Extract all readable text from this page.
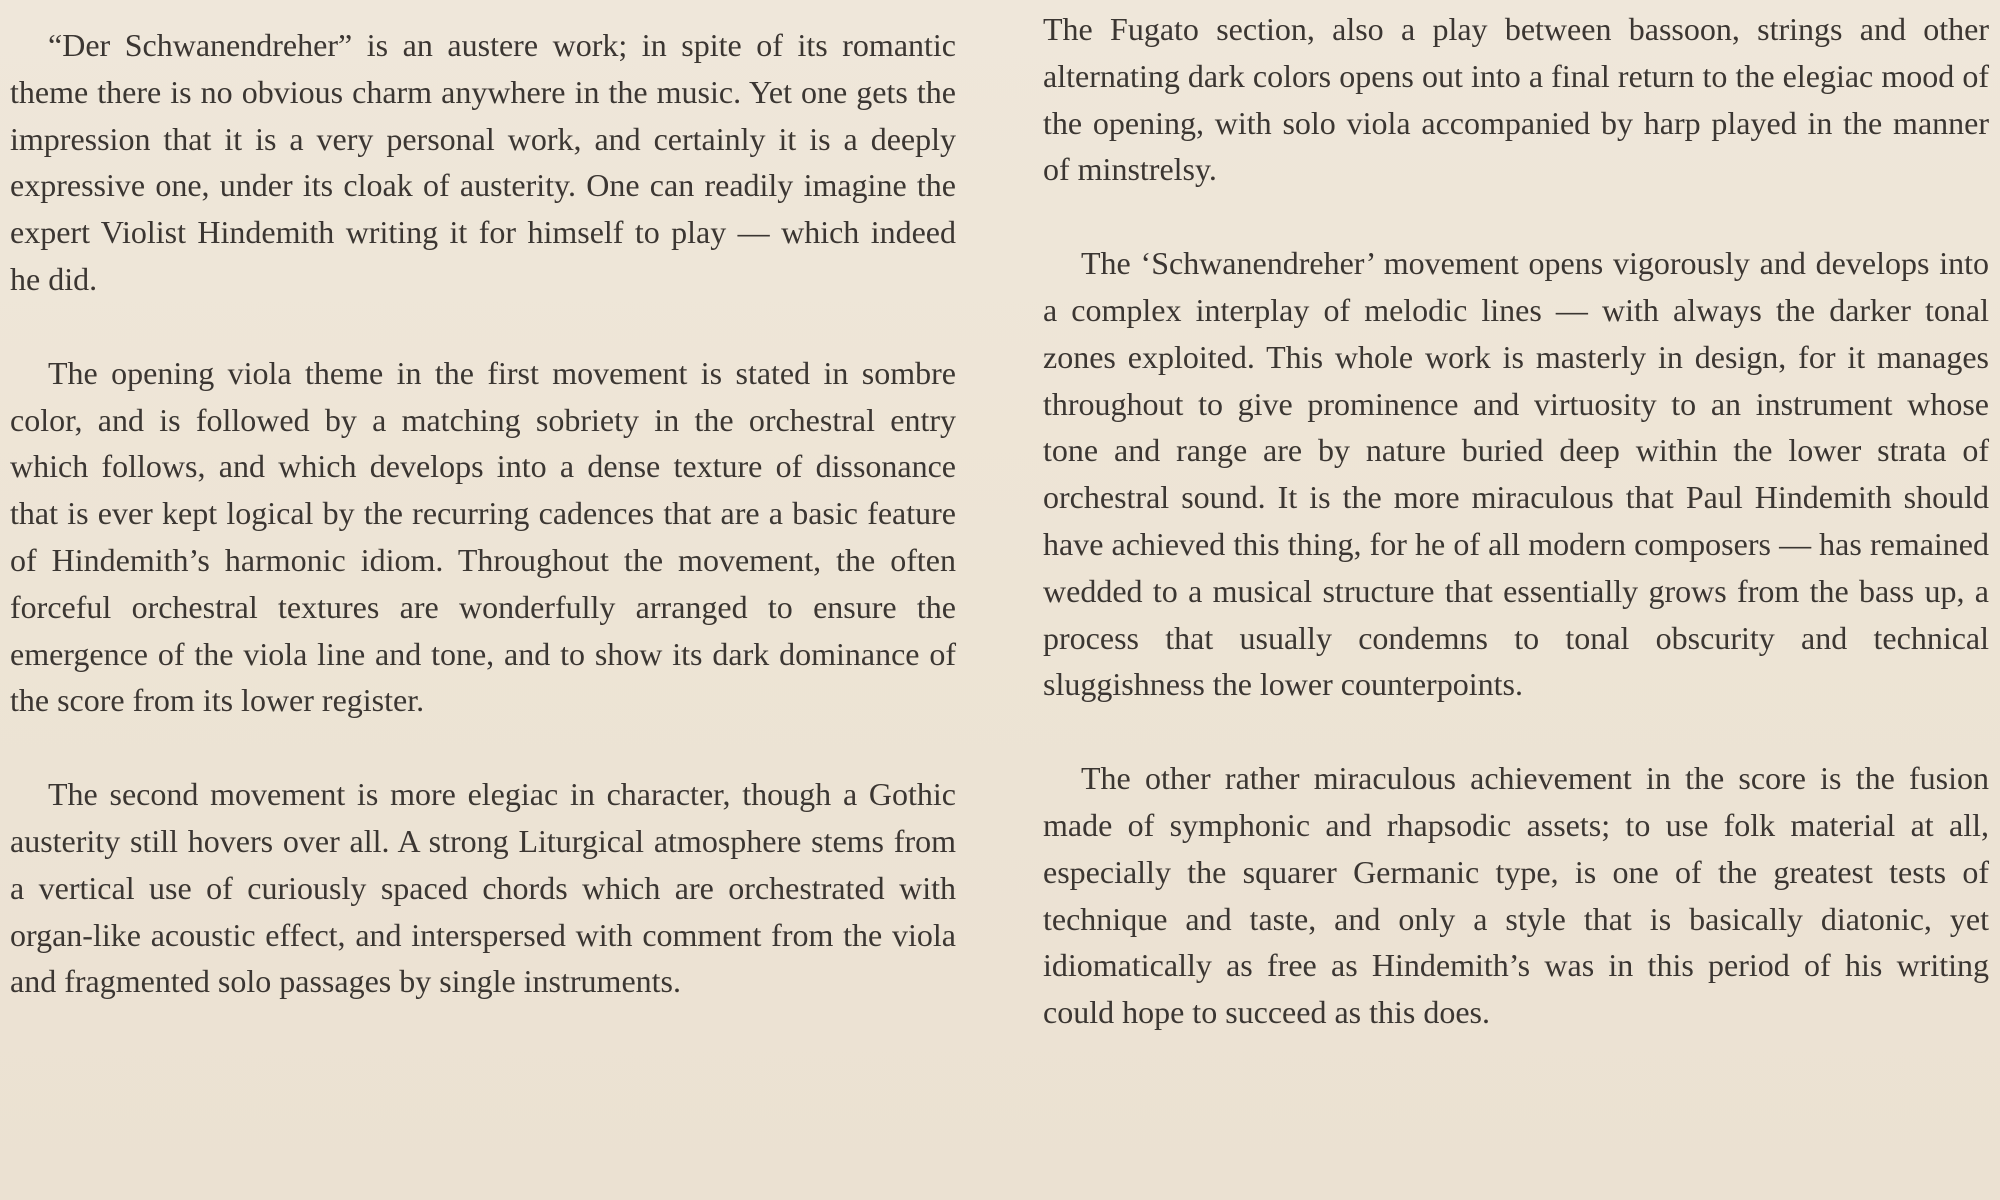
“Der Schwanendreher” is an austere work; in spite of its romantic theme there is no obvious charm anywhere in the music. Yet one gets the impression that it is a very personal work, and certainly it is a deeply expressive one, under its cloak of austerity. One can readily imagine the expert Violist Hindemith writing it for himself to play — which indeed he did.

The opening viola theme in the first movement is stated in sombre color, and is followed by a matching sobriety in the orchestral entry which follows, and which develops into a dense texture of dissonance that is ever kept logical by the recurring cadences that are a basic feature of Hindemith’s harmonic idiom. Throughout the movement, the often forceful orchestral textures are wonderfully arranged to ensure the emergence of the viola line and tone, and to show its dark dominance of the score from its lower register.

The second movement is more elegiac in character, though a Gothic austerity still hovers over all. A strong Liturgical atmosphere stems from a vertical use of curiously spaced chords which are orchestrated with organ-like acoustic effect, and interspersed with comment from the viola and fragmented solo passages by single instruments.

The Fugato section, also a play between bassoon, strings and other alternating dark colors opens out into a final return to the elegiac mood of the opening, with solo viola accompanied by harp played in the manner of minstrelsy.

The ‘Schwanendreher’ movement opens vigorously and develops into a complex interplay of melodic lines — with always the darker tonal zones exploited. This whole work is masterly in design, for it manages throughout to give prominence and virtuosity to an instrument whose tone and range are by nature buried deep within the lower strata of orchestral sound. It is the more miraculous that Paul Hindemith should have achieved this thing, for he of all modern composers — has remained wedded to a musical structure that essentially grows from the bass up, a process that usually condemns to tonal obscurity and technical sluggishness the lower counterpoints.

The other rather miraculous achievement in the score is the fusion made of symphonic and rhapsodic assets; to use folk material at all, especially the squarer Germanic type, is one of the greatest tests of technique and taste, and only a style that is basically diatonic, yet idiomatically as free as Hindemith’s was in this period of his writing could hope to succeed as this does.
